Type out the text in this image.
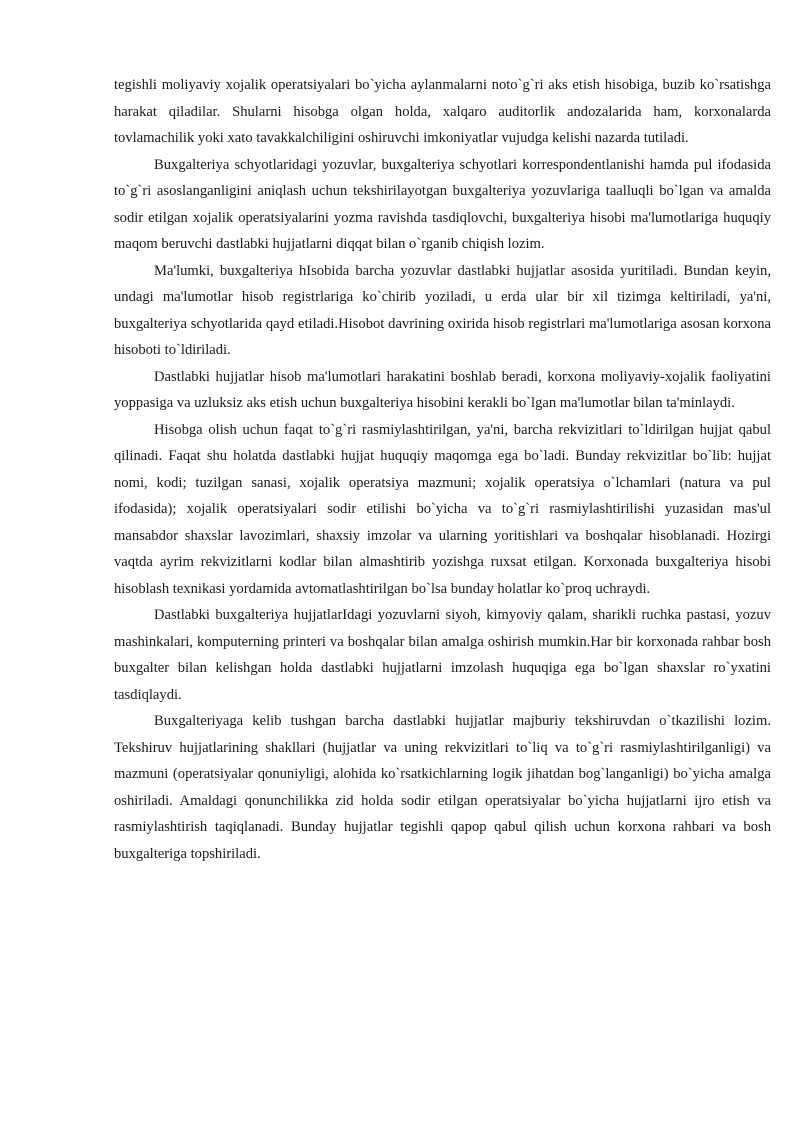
tegishli moliyaviy xojalik operatsiyalari bo`yicha aylanmalarni noto`g`ri aks etish hisobiga, buzib ko`rsatishga harakat qiladilar. Shularni hisobga olgan holda, xalqaro auditorlik andozalarida ham, korxonalarda tovlamachilik yoki xato tavakkalchiligini oshiruvchi imkoniyatlar vujudga kelishi nazarda tutiladi.

Buxgalteriya schyotlaridagi yozuvlar, buxgalteriya schyotlari korrespondentlanishi hamda pul ifodasida to`g`ri asoslanganligini aniqlash uchun tekshirilayotgan buxgalteriya yozuvlariga taalluqli bo`lgan va amalda sodir etilgan xojalik operatsiyalarini yozma ravishda tasdiqlovchi, buxgalteriya hisobi ma'lumotlariga huquqiy maqom beruvchi dastlabki hujjatlarni diqqat bilan o`rganib chiqish lozim.

Ma'lumki, buxgalteriya hIsobida barcha yozuvlar dastlabki hujjatlar asosida yuritiladi. Bundan keyin, undagi ma'lumotlar hisob registrlariga ko`chirib yoziladi, u erda ular bir xil tizimga keltiriladi, ya'ni, buxgalteriya schyotlarida qayd etiladi.Hisobot davrining oxirida hisob registrlari ma'lumotlariga asosan korxona hisoboti to`ldiriladi.

Dastlabki hujjatlar hisob ma'lumotlari harakatini boshlab beradi, korxona moliyaviy-xojalik faoliyatini yoppasiga va uzluksiz aks etish uchun buxgalteriya hisobini kerakli bo`lgan ma'lumotlar bilan ta'minlaydi.

Hisobga olish uchun faqat to`g`ri rasmiylashtirilgan, ya'ni, barcha rekvizitlari to`ldirilgan hujjat qabul qilinadi. Faqat shu holatda dastlabki hujjat huquqiy maqomga ega bo`ladi. Bunday rekvizitlar bo`lib: hujjat nomi, kodi; tuzilgan sanasi, xojalik operatsiya mazmuni; xojalik operatsiya o`lchamlari (natura va pul ifodasida); xojalik operatsiyalari sodir etilishi bo`yicha va to`g`ri rasmiylashtirilishi yuzasidan mas'ul mansabdor shaxslar lavozimlari, shaxsiy imzolar va ularning yoritishlari va boshqalar hisoblanadi. Hozirgi vaqtda ayrim rekvizitlarni kodlar bilan almashtirib yozishga ruxsat etilgan. Korxonada buxgalteriya hisobi hisoblash texnikasi yordamida avtomatlashtirilgan bo`lsa bunday holatlar ko`proq uchraydi.

Dastlabki buxgalteriya hujjatlarIdagi yozuvlarni siyoh, kimyoviy qalam, sharikli ruchka pastasi, yozuv mashinkalari, komputerning printeri va boshqalar bilan amalga oshirish mumkin.Har bir korxonada rahbar bosh buxgalter bilan kelishgan holda dastlabki hujjatlarni imzolash huquqiga ega bo`lgan shaxslar ro`yxatini tasdiqlaydi.

Buxgalteriyaga kelib tushgan barcha dastlabki hujjatlar majburiy tekshiruvdan o`tkazilishi lozim. Tekshiruv hujjatlarining shakllari (hujjatlar va uning rekvizitlari to`liq va to`g`ri rasmiylashtirilganligi) va mazmuni (operatsiyalar qonuniyligi, alohida ko`rsatkichlarning logik jihatdan bog`langanligi) bo`yicha amalga oshiriladi. Amaldagi qonunchilikka zid holda sodir etilgan operatsiyalar bo`yicha hujjatlarni ijro etish va rasmiylashtirish taqiqlanadi. Bunday hujjatlar tegishli qapop qabul qilish uchun korxona rahbari va bosh buxgalteriga topshiriladi.
